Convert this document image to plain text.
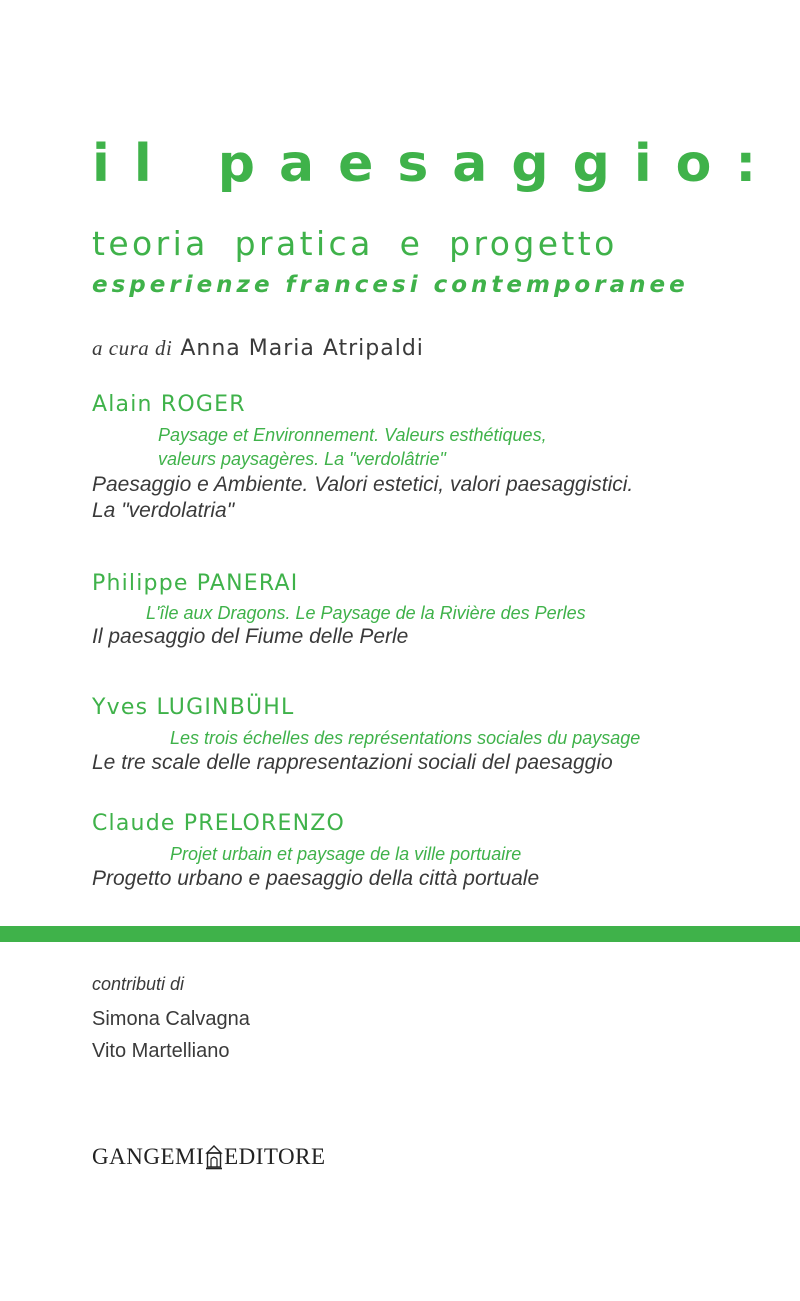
il paesaggio:
teoria pratica e progetto
esperienze francesi contemporanee
a cura di Anna Maria Atripaldi
Alain ROGER
Paysage et Environnement. Valeurs esthétiques,
valeurs paysagères. La "verdolâtrie"
Paesaggio e Ambiente. Valori estetici, valori paesaggistici.
La "verdolatria"
Philippe PANERAI
L'île aux Dragons. Le Paysage de la Rivière des Perles
Il paesaggio del Fiume delle Perle
Yves LUGINBÜHL
Les trois échelles des représentations sociales du paysage
Le tre scale delle rappresentazioni sociali del paesaggio
Claude PRELORENZO
Projet urbain et paysage de la ville portuaire
Progetto urbano e paesaggio della città portuale
contributi di
Simona Calvagna
Vito Martelliano
GANGEMI EDITORE
